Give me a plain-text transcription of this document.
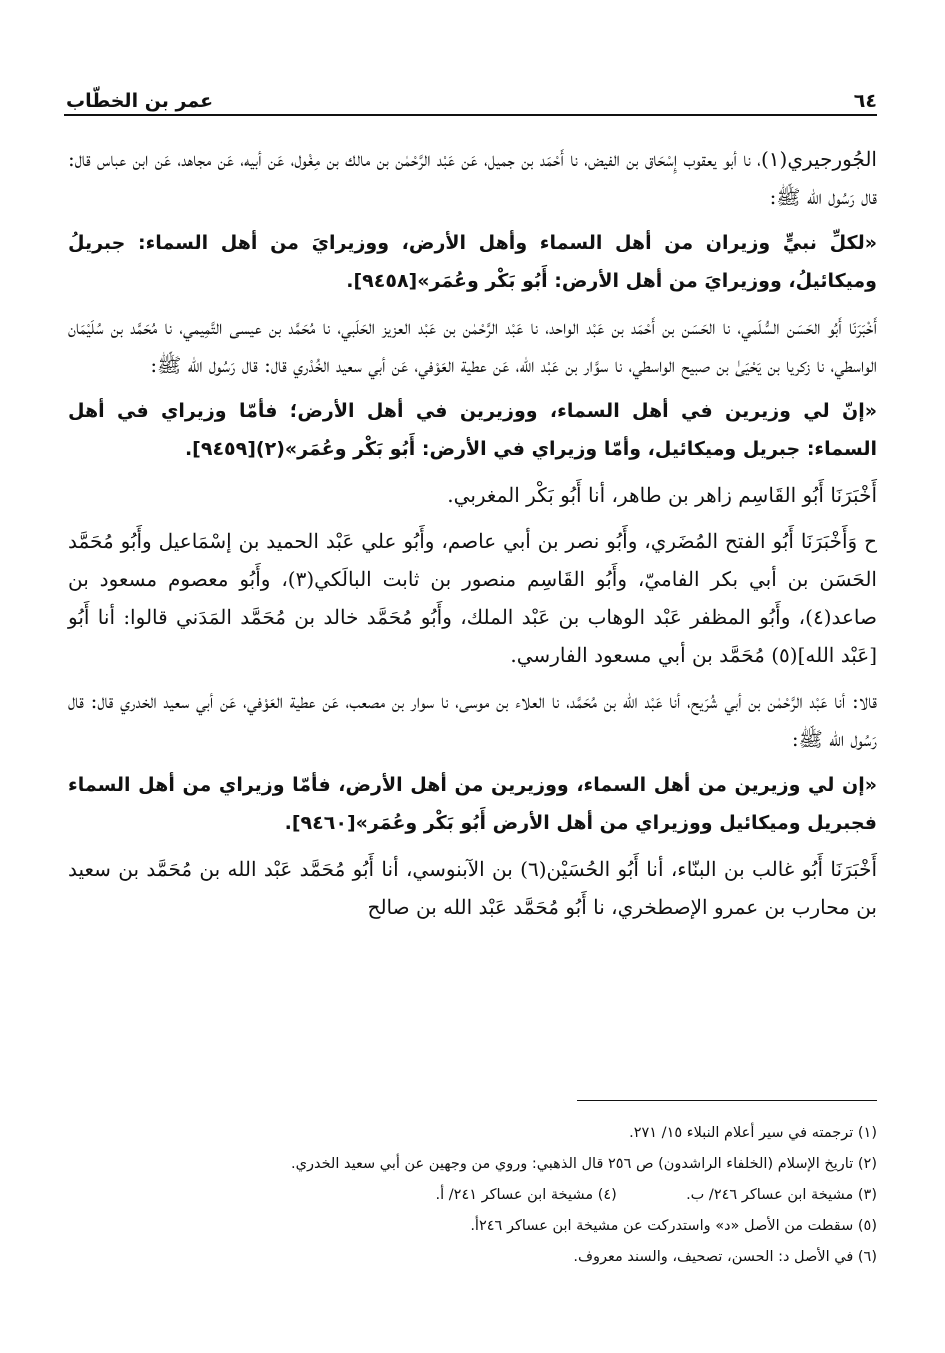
٦٤
عمر بن الخطّاب

الجُورجيري(١)، نا أبو يعقوب إِسْحَاق بن الفيض، نا أَحْمَد بن جميل، عَن عَبْد الرَّحْمٰن بن مالك بن مِغْول، عَن أبيه، عَن مجاهد، عَن ابن عباس قال: قال رَسُول الله ﷺ:

«لكلِّ نبيٍّ وزيران من أهل السماء وأهل الأرض، ووزيرايَ من أهل السماء: جبريلُ وميكائيلُ، ووزيرايَ من أهل الأرض: أَبُو بَكْر وعُمَر»[٩٤٥٨].

أَخْبَرَنَا أَبُو الحَسَن السُّلَمي، نا الحَسَن بن أَحْمَد بن عَبْد الواحد، نا عَبْد الرَّحْمٰن بن عَبْد العزيز الحَلَبي، نا مُحَمَّد بن عيسى التَّمِيمي، نا مُحَمَّد بن سُلَيْمَان الواسطي، نا زكريا بن يَحْيَىٰ بن صبيح الواسطي، نا سوَّار بن عَبْد الله، عَن عطية العَوْفي، عَن أبي سعيد الخُدْري قال: قال رَسُول الله ﷺ:

«إنّ لي وزيرين في أهل السماء، ووزيرين في أهل الأرض؛ فأمّا وزيراي في أهل السماء: جبريل وميكائيل، وأمّا وزيراي في الأرض: أَبُو بَكْر وعُمَر»(٢)[٩٤٥٩].

أَخْبَرَنَا أَبُو القَاسِم زاهر بن طاهر، أنا أَبُو بَكْر المغربي.

ح وَأَخْبَرَنَا أَبُو الفتح المُضَري، وأَبُو نصر بن أبي عاصم، وأَبُو علي عَبْد الحميد بن إسْمَاعيل وأَبُو مُحَمَّد الحَسَن بن أبي بكر الفاميّ، وأَبُو القَاسِم منصور بن ثابت البالَكي(٣)، وأَبُو معصوم مسعود بن صاعد(٤)، وأَبُو المظفر عَبْد الوهاب بن عَبْد الملك، وأَبُو مُحَمَّد خالد بن مُحَمَّد المَدَني قالوا: أنا أَبُو [عَبْد الله](٥) مُحَمَّد بن أبي مسعود الفارسي.

قالا: أنا عَبْد الرَّحْمٰن بن أبي شُرَيح، أنا عَبْد الله بن مُحَمَّد، نا العلاء بن موسى، نا سوار بن مصعب، عَن عطية العَوْفي، عَن أبي سعيد الخدري قال: قال رَسُول الله ﷺ:

«إن لي وزيرين من أهل السماء، ووزيرين من أهل الأرض، فأمّا وزيراي من أهل السماء فجبريل وميكائيل ووزيراي من أهل الأرض أَبُو بَكْر وعُمَر»[٩٤٦٠].

أَخْبَرَنَا أَبُو غالب بن البنّاء، أنا أَبُو الحُسَيْن(٦) بن الآبنوسي، أنا أَبُو مُحَمَّد عَبْد الله بن مُحَمَّد بن سعيد بن محارب بن عمرو الإصطخري، نا أَبُو مُحَمَّد عَبْد الله بن صالح

(١) ترجمته في سير أعلام النبلاء ١٥/ ٢٧١.
(٢) تاريخ الإسلام (الخلفاء الراشدون) ص ٢٥٦ قال الذهبي: وروي من وجهين عن أبي سعيد الخدري.
(٣) مشيخة ابن عساكر ٢٤٦/ ب.  (٤) مشيخة ابن عساكر ٢٤١/ أ.
(٥) سقطت من الأصل «د» واستدركت عن مشيخة ابن عساكر ٢٤٦أ.
(٦) في الأصل د: الحسن، تصحيف، والسند معروف.
